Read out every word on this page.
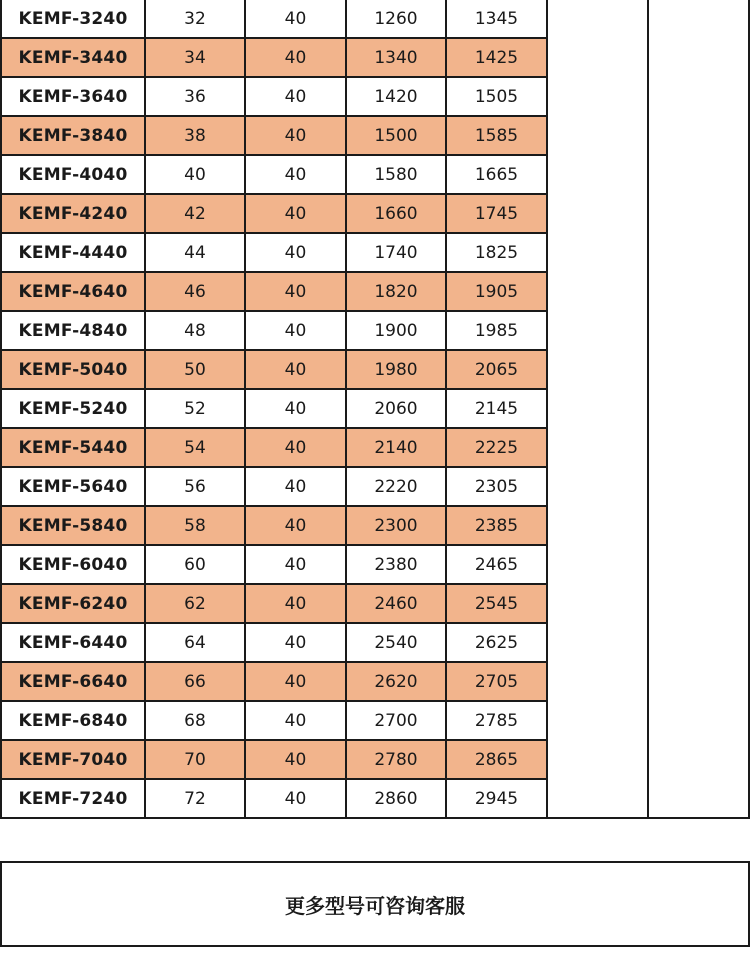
KEMF-3240	32	40	1260	1345	

KEMF-3440	34	40	1340	1425		
KEMF-3640	36	40	1420	1505		
KEMF-3840	38	40	1500	1585		
KEMF-4040	40	40	1580	1665		
KEMF-4240	42	40	1660	1745		
KEMF-4440	44	40	1740	1825		
KEMF-4640	46	40	1820	1905		
KEMF-4840	48	40	1900	1985		
KEMF-5040	50	40	1980	2065		
KEMF-5240	52	40	2060	2145		
KEMF-5440	54	40	2140	2225		
KEMF-5640	56	40	2220	2305		
KEMF-5840	58	40	2300	2385		
KEMF-6040	60	40	2380	2465		
KEMF-6240	62	40	2460	2545		
KEMF-6440	64	40	2540	2625		
KEMF-6640	66	40	2620	2705		
KEMF-6840	68	40	2700	2785		
KEMF-7040	70	40	2780	2865		
KEMF-7240	72	40	2860	2945		
更多型号可咨询客服
